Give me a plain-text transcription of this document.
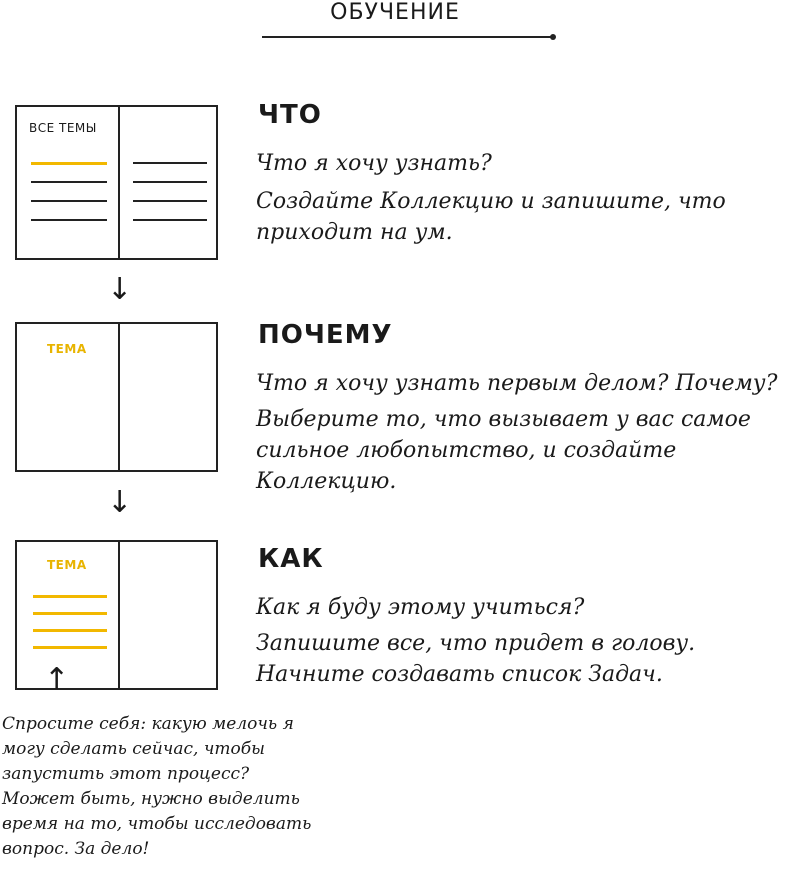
ОБУЧЕНИЕ
ВСЕ ТЕМЫ
↓
ТЕМА
↓
ТЕМА
↑
ЧТО
Что я хочу узнать?
Создайте Коллекцию и запишите, что приходит на ум.
ПОЧЕМУ
Что я хочу узнать первым делом? Почему?
Выберите то, что вызывает у вас самое сильное любопытство, и создайте Коллекцию.
КАК
Как я буду этому учиться?
Запишите все, что придет в голову. Начните создавать список Задач.
Спросите себя: какую мелочь я могу сделать сейчас, чтобы запустить этот процесс? Может быть, нужно выделить время на то, чтобы исследовать вопрос. За дело!
